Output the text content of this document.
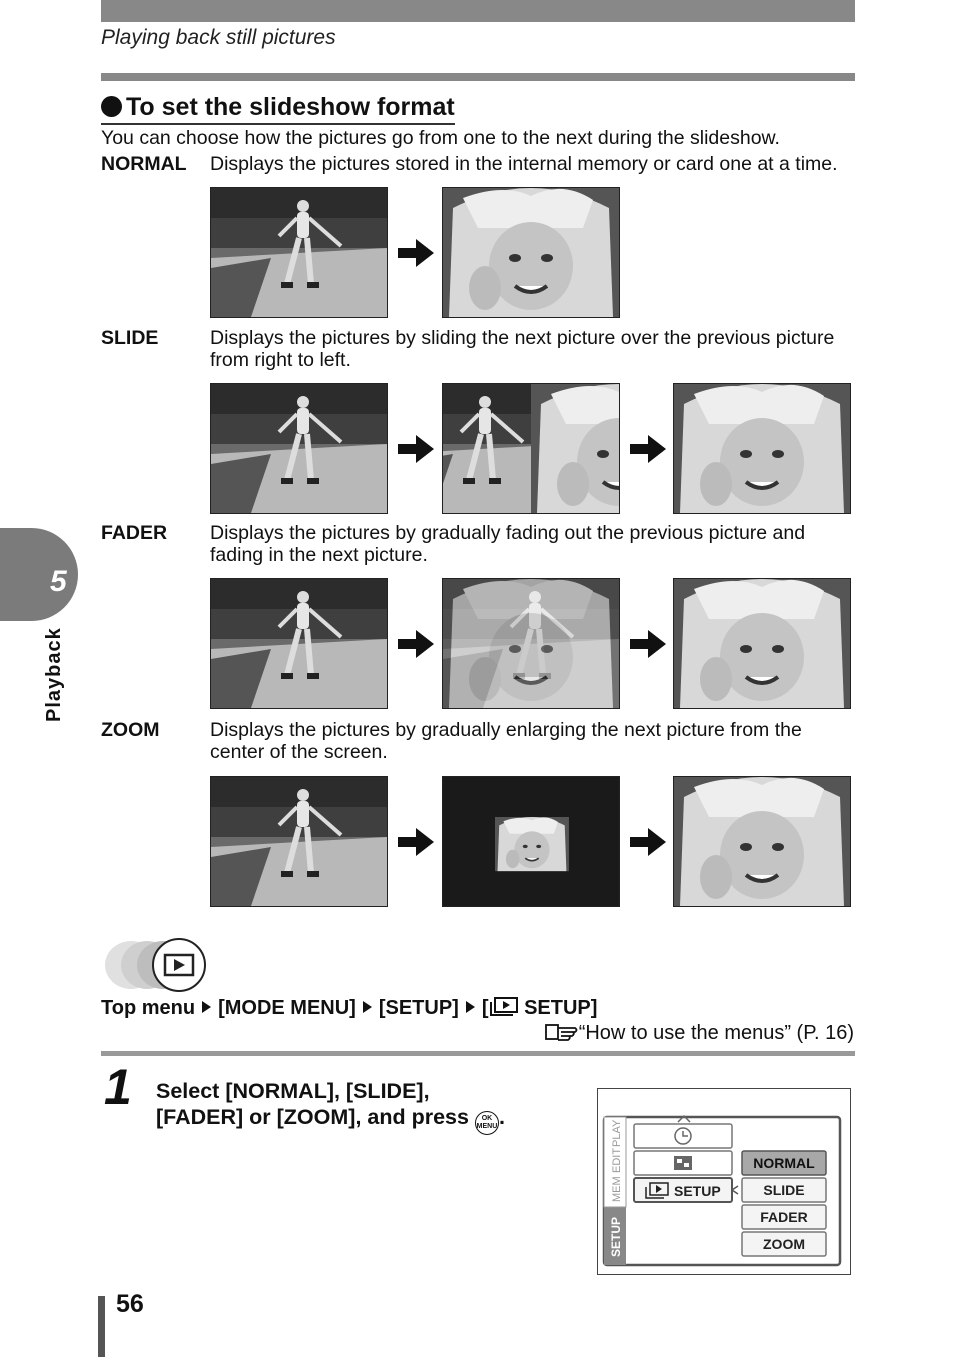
Playing back still pictures
To set the slideshow format
You can choose how the pictures go from one to the next during the slideshow.
NORMAL Displays the pictures stored in the internal memory or card one at a time.
SLIDE	Displays the pictures by sliding the next picture over the previous picture from right to left.
FADER Displays the pictures by gradually fading out the previous picture and fading in the next picture.
ZOOM	Displays the pictures by gradually enlarging the next picture from the center of the screen.
5
Playback
Top menu [MODE MENU] [SETUP] [ SETUP]
“How to use the menus” (P. 16)
1 Select [NORMAL], [SLIDE],
[FADER] or [ZOOM], and press OK
MENU.
SETUP
MEM
EDIT
PLAY
SETUP
NORMAL
SLIDE
FADER
ZOOM
56
